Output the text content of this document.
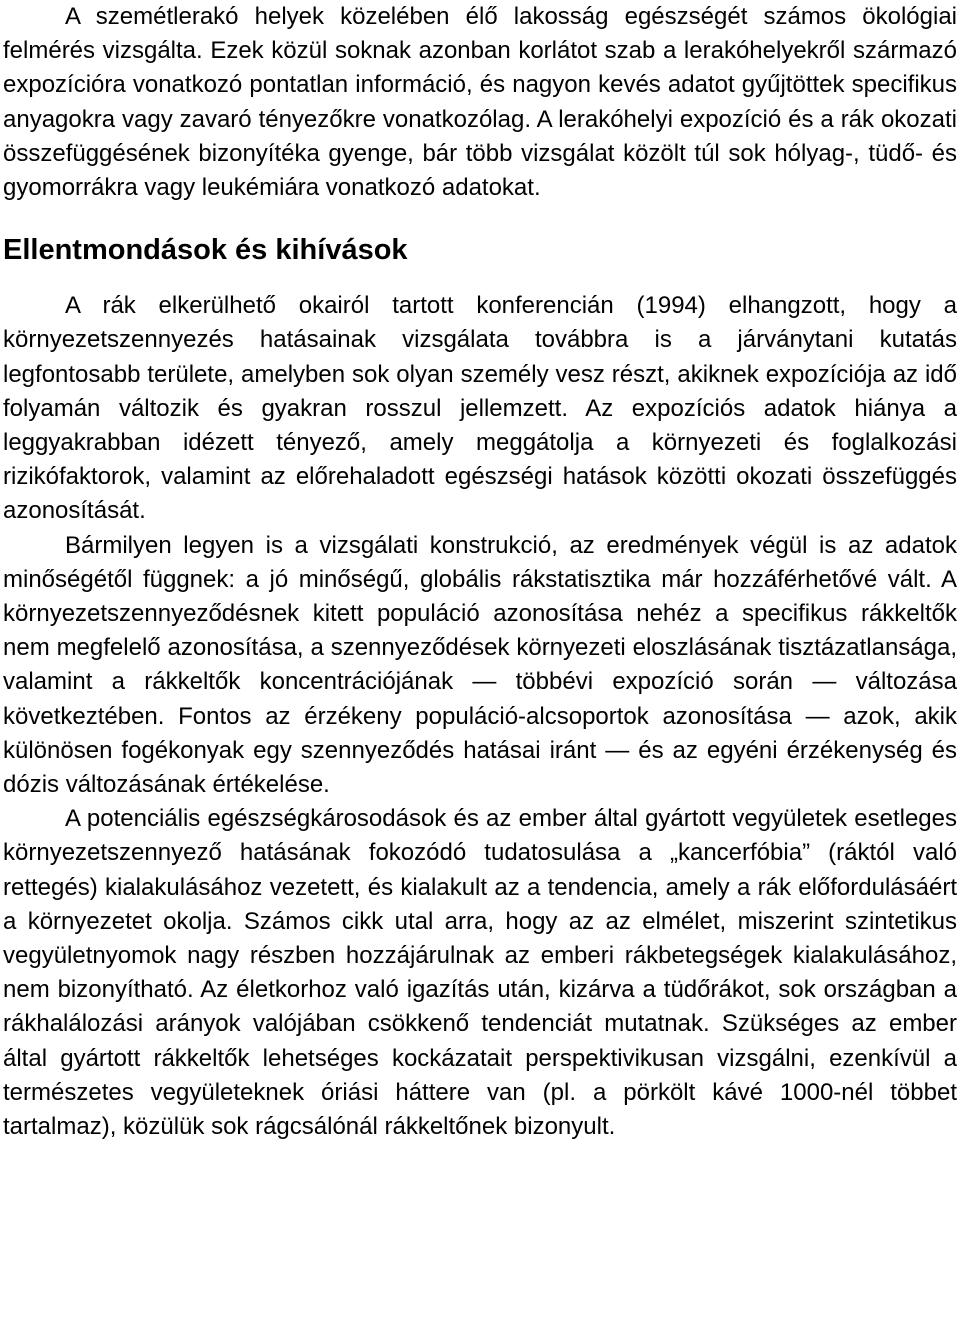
A szemétlerakó helyek közelében élő lakosság egészségét számos ökológiai felmérés vizsgálta. Ezek közül soknak azonban korlátot szab a lerakóhelyekről származó expozícióra vonatkozó pontatlan információ, és nagyon kevés adatot gyűjtöttek specifikus anyagokra vagy zavaró tényezőkre vonatkozólag. A lerakóhelyi expozíció és a rák okozati összefüggésének bizonyítéka gyenge, bár több vizsgálat közölt túl sok hólyag-, tüdő- és gyomorrákra vagy leukémiára vonatkozó adatokat.

Ellentmondások és kihívások

A rák elkerülhető okairól tartott konferencián (1994) elhangzott, hogy a környezetszennyezés hatásainak vizsgálata továbbra is a járványtani kutatás legfontosabb területe, amelyben sok olyan személy vesz részt, akiknek expozíciója az idő folyamán változik és gyakran rosszul jellemzett. Az expozíciós adatok hiánya a leggyakrabban idézett tényező, amely meggátolja a környezeti és foglalkozási rizikófaktorok, valamint az előrehaladott egészségi hatások közötti okozati összefüggés azonosítását.

Bármilyen legyen is a vizsgálati konstrukció, az eredmények végül is az adatok minőségétől függnek: a jó minőségű, globális rákstatisztika már hozzáférhetővé vált. A környezetszennyeződésnek kitett populáció azonosítása nehéz a specifikus rákkeltők nem megfelelő azonosítása, a szennyeződések környezeti eloszlásának tisztázatlansága, valamint a rákkeltők koncentrációjának — többévi expozíció során — változása következtében. Fontos az érzékeny populáció-alcsoportok azonosítása — azok, akik különösen fogékonyak egy szennyeződés hatásai iránt — és az egyéni érzékenység és dózis változásának értékelése.

A potenciális egészségkárosodások és az ember által gyártott vegyületek esetleges környezetszennyező hatásának fokozódó tudatosulása a „kancerfóbia” (ráktól való rettegés) kialakulásához vezetett, és kialakult az a tendencia, amely a rák előfordulásáért a környezetet okolja. Számos cikk utal arra, hogy az az elmélet, miszerint szintetikus vegyületnyomok nagy részben hozzájárulnak az emberi rákbetegségek kialakulásához, nem bizonyítható. Az életkorhoz való igazítás után, kizárva a tüdőrákot, sok országban a rákhalálozási arányok valójában csökkenő tendenciát mutatnak. Szükséges az ember által gyártott rákkeltők lehetséges kockázatait perspektivikusan vizsgálni, ezenkívül a természetes vegyületeknek óriási háttere van (pl. a pörkölt kávé 1000-nél többet tartalmaz), közülük sok rágcsálónál rákkeltőnek bizonyult.
